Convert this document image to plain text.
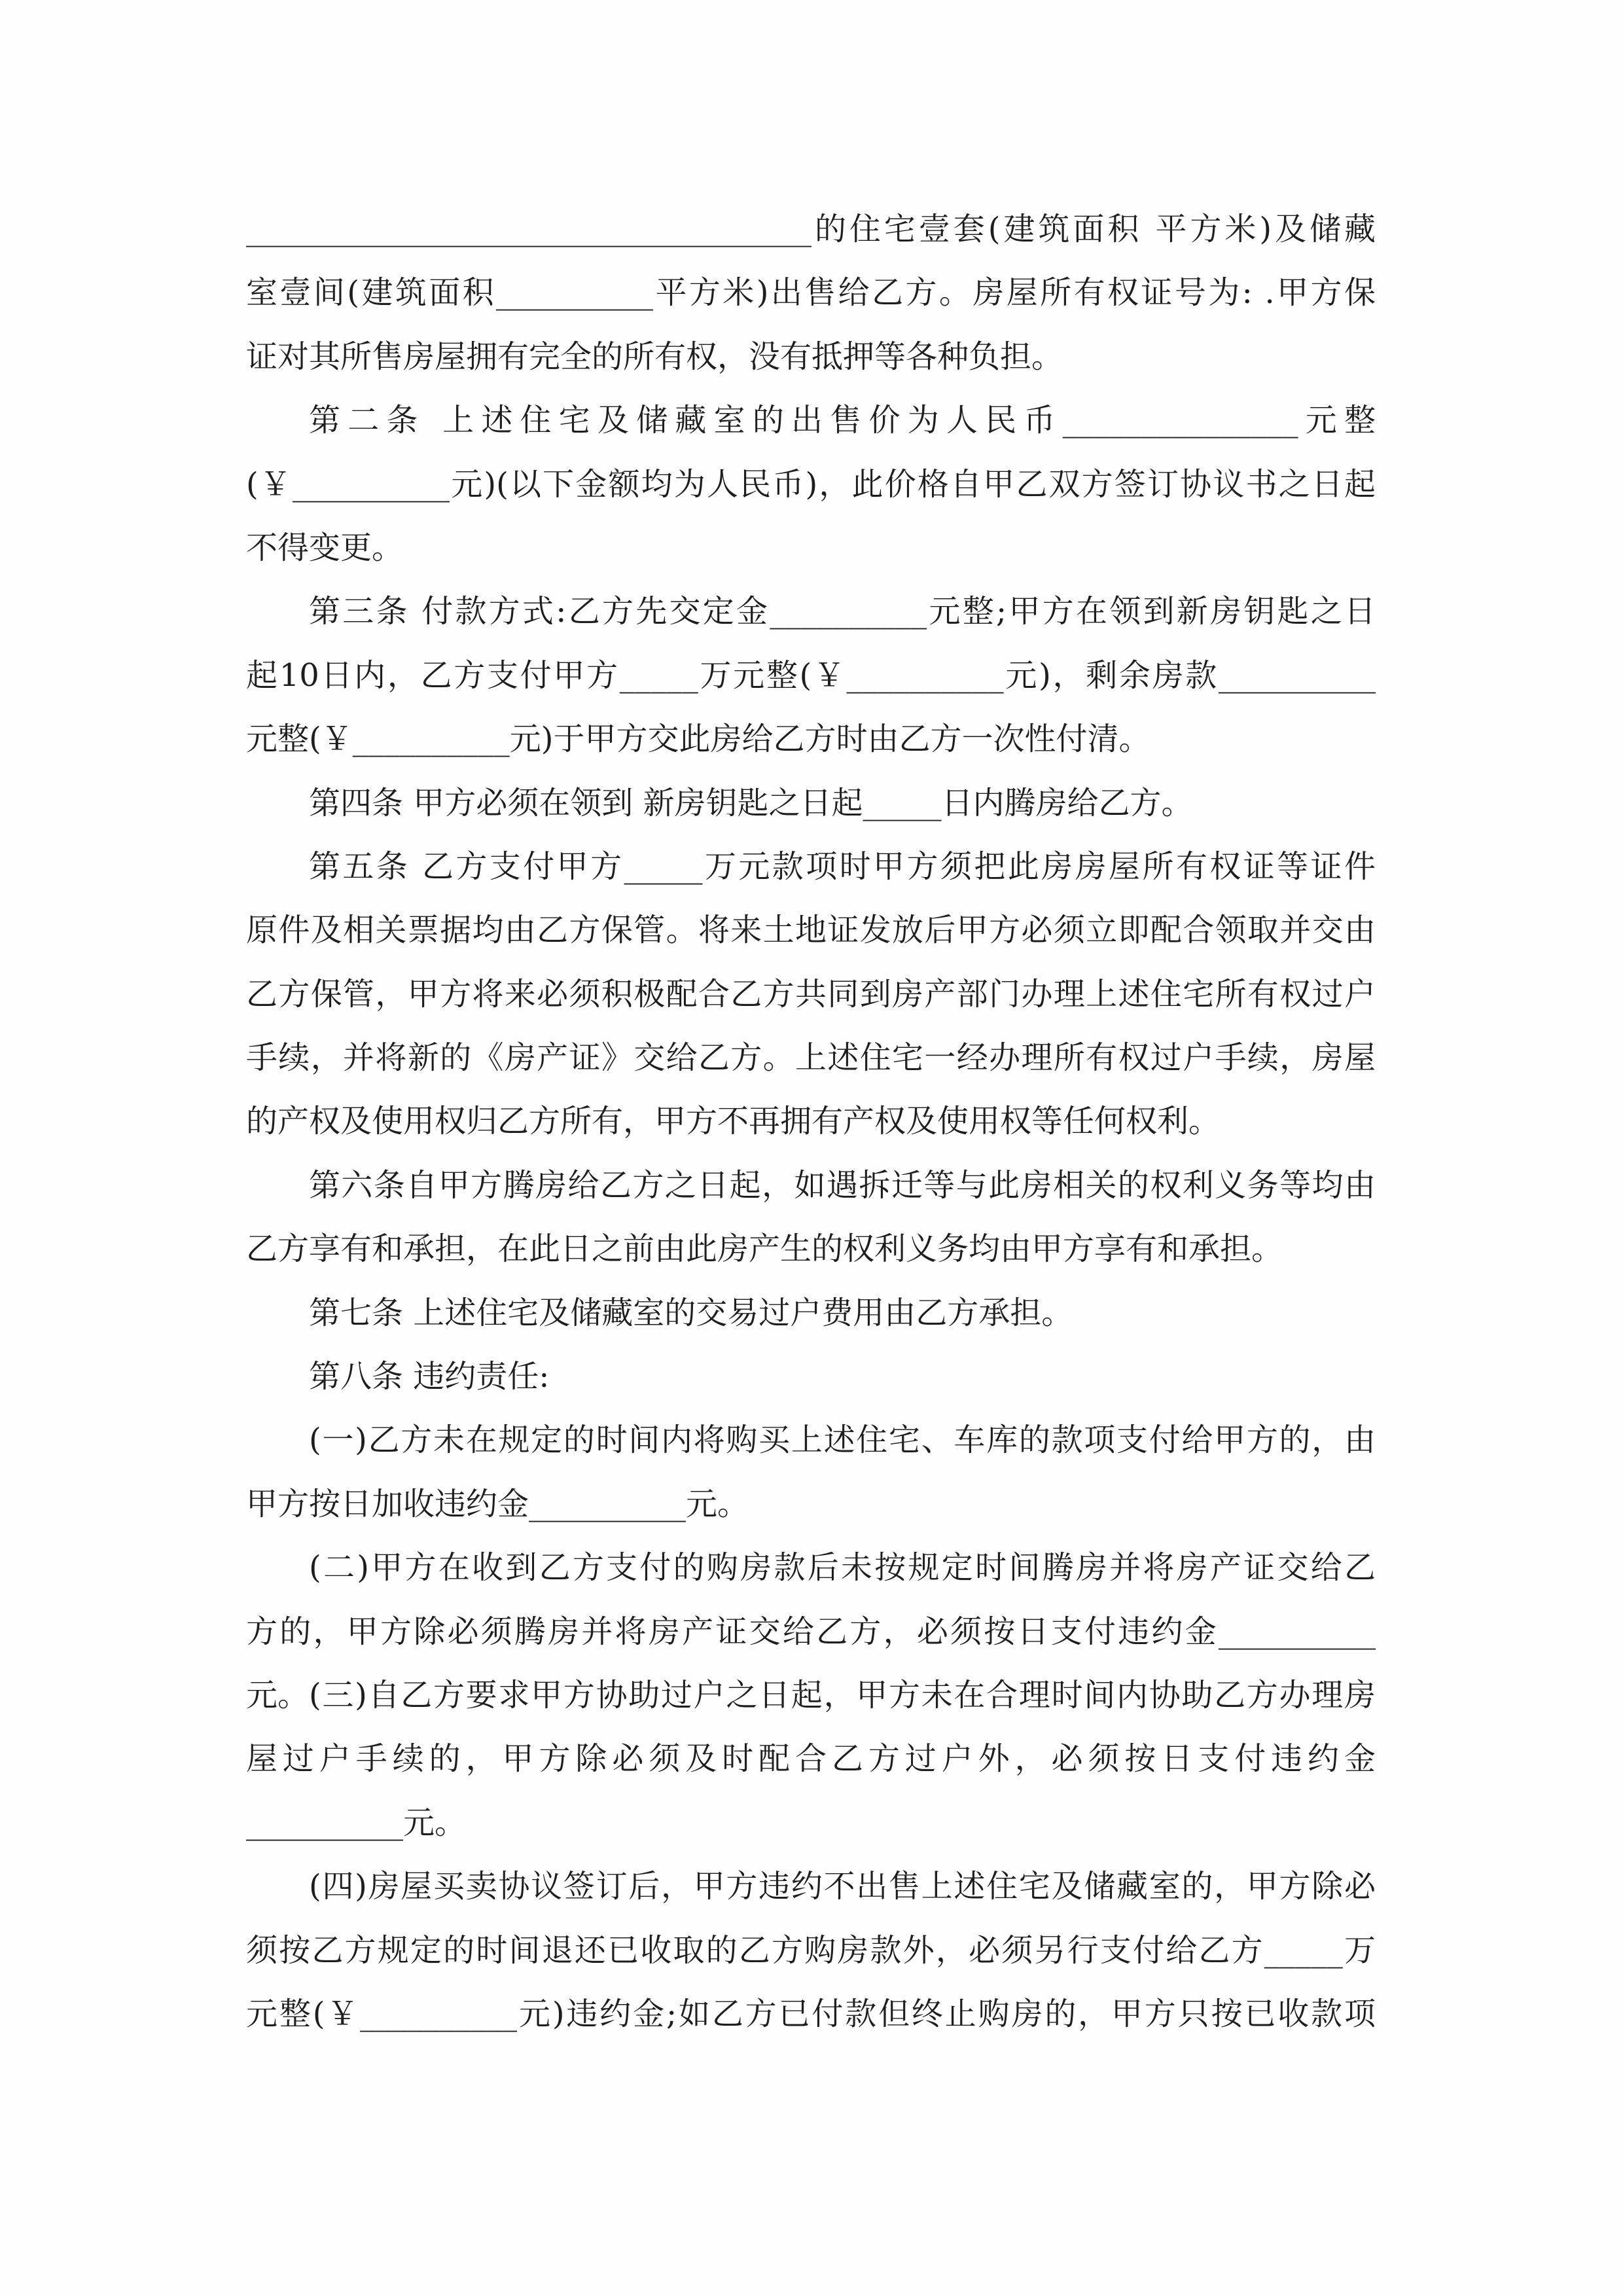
____________________________________的住宅壹套(建筑面积 平方米)及储藏
室壹间(建筑面积__________平方米)出售给乙方。房屋所有权证号为: .甲方保
证对其所售房屋拥有完全的所有权，没有抵押等各种负担。
第二条 上述住宅及储藏室的出售价为人民币_______________元整
(￥__________元)(以下金额均为人民币)，此价格自甲乙双方签订协议书之日起
不得变更。
第三条 付款方式:乙方先交定金__________元整;甲方在领到新房钥匙之日
起10日内，乙方支付甲方_____万元整(￥__________元)，剩余房款__________
元整(￥__________元)于甲方交此房给乙方时由乙方一次性付清。
第四条 甲方必须在领到 新房钥匙之日起_____日内腾房给乙方。
第五条 乙方支付甲方_____万元款项时甲方须把此房房屋所有权证等证件
原件及相关票据均由乙方保管。将来土地证发放后甲方必须立即配合领取并交由
乙方保管，甲方将来必须积极配合乙方共同到房产部门办理上述住宅所有权过户
手续，并将新的《房产证》交给乙方。上述住宅一经办理所有权过户手续，房屋
的产权及使用权归乙方所有，甲方不再拥有产权及使用权等任何权利。
第六条自甲方腾房给乙方之日起，如遇拆迁等与此房相关的权利义务等均由
乙方享有和承担，在此日之前由此房产生的权利义务均由甲方享有和承担。
第七条 上述住宅及储藏室的交易过户费用由乙方承担。
第八条 违约责任:
(一)乙方未在规定的时间内将购买上述住宅、车库的款项支付给甲方的，由
甲方按日加收违约金__________元。
(二)甲方在收到乙方支付的购房款后未按规定时间腾房并将房产证交给乙
方的，甲方除必须腾房并将房产证交给乙方，必须按日支付违约金__________元。 (三)自乙方要求甲方协助过户之日起，甲方未在合理时间内协助乙方办理房
屋过户手续的，甲方除必须及时配合乙方过户外，必须按日支付违约金
__________元。
(四)房屋买卖协议签订后，甲方违约不出售上述住宅及储藏室的，甲方除必
须按乙方规定的时间退还已收取的乙方购房款外，必须另行支付给乙方_____万
元整(￥__________元)违约金;如乙方已付款但终止购房的，甲方只按已收款项
